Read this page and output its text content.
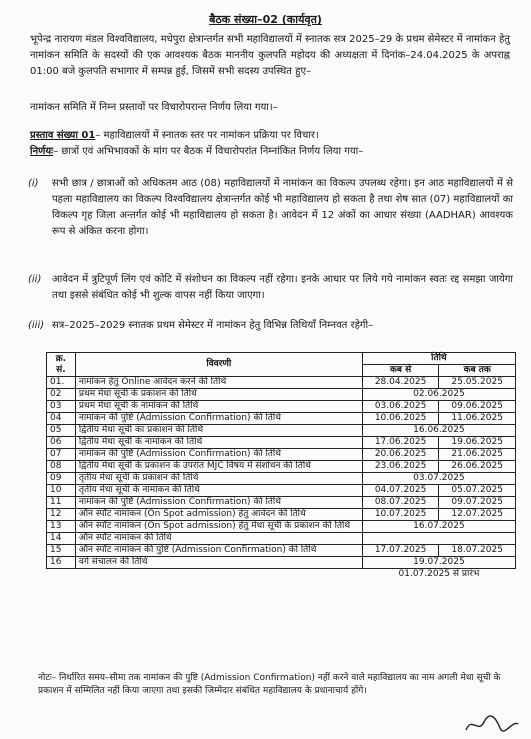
बैठक संख्या–02 (कार्यवृत)
भूपेन्द्र नारायण मंडल विश्वविद्यालय, मधेपुरा क्षेत्रान्तर्गत सभी महाविद्यालयों में स्नातक सत्र 2025–29 के प्रथम सेमेस्टर में नामांकन हेतु नामांकन समिति के सदस्यों की एक आवश्यक बैठक माननीय कुलपति महोदय की अध्यक्षता में दिनांक–24.04.2025 के अपराह्न 01:00 बजे कुलपति सभागार में सम्पन्न हुई, जिसमें सभी सदस्य उपस्थित हुए–
नामांकन समिति में निम्न प्रस्तावों पर विचारोपरान्त निर्णय लिया गया।–
प्रस्ताव संख्या 01– महाविद्यालयों में स्नातक स्तर पर नामांकन प्रक्रिया पर विचार।
निर्णयः– छात्रों एवं अभिभावकों के मांग पर बैठक में विचारोपरांत निम्नांकित निर्णय लिया गया–
(i) सभी छात्र / छात्राओं को अधिकतम आठ (08) महाविद्यालयों में नामांकन का विकल्प उपलब्ध रहेगा। इन आठ महाविद्यालयों में से पहला महाविद्यालय का विकल्प विश्वविद्यालय क्षेत्रान्तर्गत कोई भी महाविद्यालय हो सकता है तथा शेष सात (07) महाविद्यालयों का विकल्प गृह जिला अन्तर्गत कोई भी महाविद्यालय हो सकता है। आवेदन में 12 अंकों का आधार संख्या (AADHAR) आवश्यक रूप से अंकित करना होगा।
(ii) आवेदन में त्रुटिपूर्ण लिंग एवं कोटि में संशोधन का विकल्प नहीं रहेगा। इनके आधार पर लिये गये नामांकन स्वतः रद्द समझा जायेगा तथा इससे संबंधित कोई भी शुल्क वापस नहीं किया जाएगा।
(iii) सत्र–2025–2029 स्नातक प्रथम सेमेस्टर में नामांकन हेतु विभिन्न तिथियाँ निम्नवत रहेगी–
क्र. सं.	विवरणी	तिथि	
		कब से	कब तक
01.	नामांकन हेतु Online आवेदन करने की तिथि	28.04.2025	25.05.2025
02	प्रथम मेधा सूची के प्रकाशन की तिथि	02.06.2025	
03	प्रथम मेधा सूची के नामांकन की तिथि	03.06.2025	09.06.2025
04	नामांकन की पुष्टि (Admission Confirmation) की तिथि	10.06.2025	11.06.2025
05	द्वितीय मेधा सूची का प्रकाशन की तिथि	16.06.2025	
06	द्वितीय मेधा सूची के नामांकन की तिथि	17.06.2025	19.06.2025
07	नामांकन की पुष्टि (Admission Confirmation) की तिथि	20.06.2025	21.06.2025
08	द्वितीय मेधा सूची के प्रकाशन के उपरांत MJC विषय में संशोधन की तिथि	23.06.2025	26.06.2025
09	तृतीय मेधा सूची के प्रकाशन की तिथि	03.07.2025	
10	तृतीय मेधा सूची के नामांकन की तिथि	04.07.2025	05.07.2025
11	नामांकन की पुष्टि (Admission Confirmation) की तिथि	08.07.2025	09.07.2025
12	ऑन स्पॉट नामांकन (On Spot admission) हेतु आवेदन की तिथि	10.07.2025	12.07.2025
13	ऑन स्पॉट नामांकन (On Spot admission) हेतु मेधा सूची के प्रकाशन की तिथि	16.07.2025	
14	ऑन स्पॉट नामांकन की तिथि		
15	ऑन स्पॉट नामांकन की पुष्टि (Admission Confirmation) की तिथि	17.07.2025	18.07.2025
16	वर्ग संचालन की तिथि	19.07.2025	
		01.07.2025 से प्रारंभ	
नोटः– निर्धारित समय–सीमा तक नामांकन की पुष्टि (Admission Confirmation) नहीं करने वाले महाविद्यालय का नाम अगली मेधा सूची के प्रकाशन में सम्मिलित नहीं किया जाएगा तथा इसकी जिम्मेदार संबंधित महाविद्यालय के प्रधानाचार्य होंगे।
